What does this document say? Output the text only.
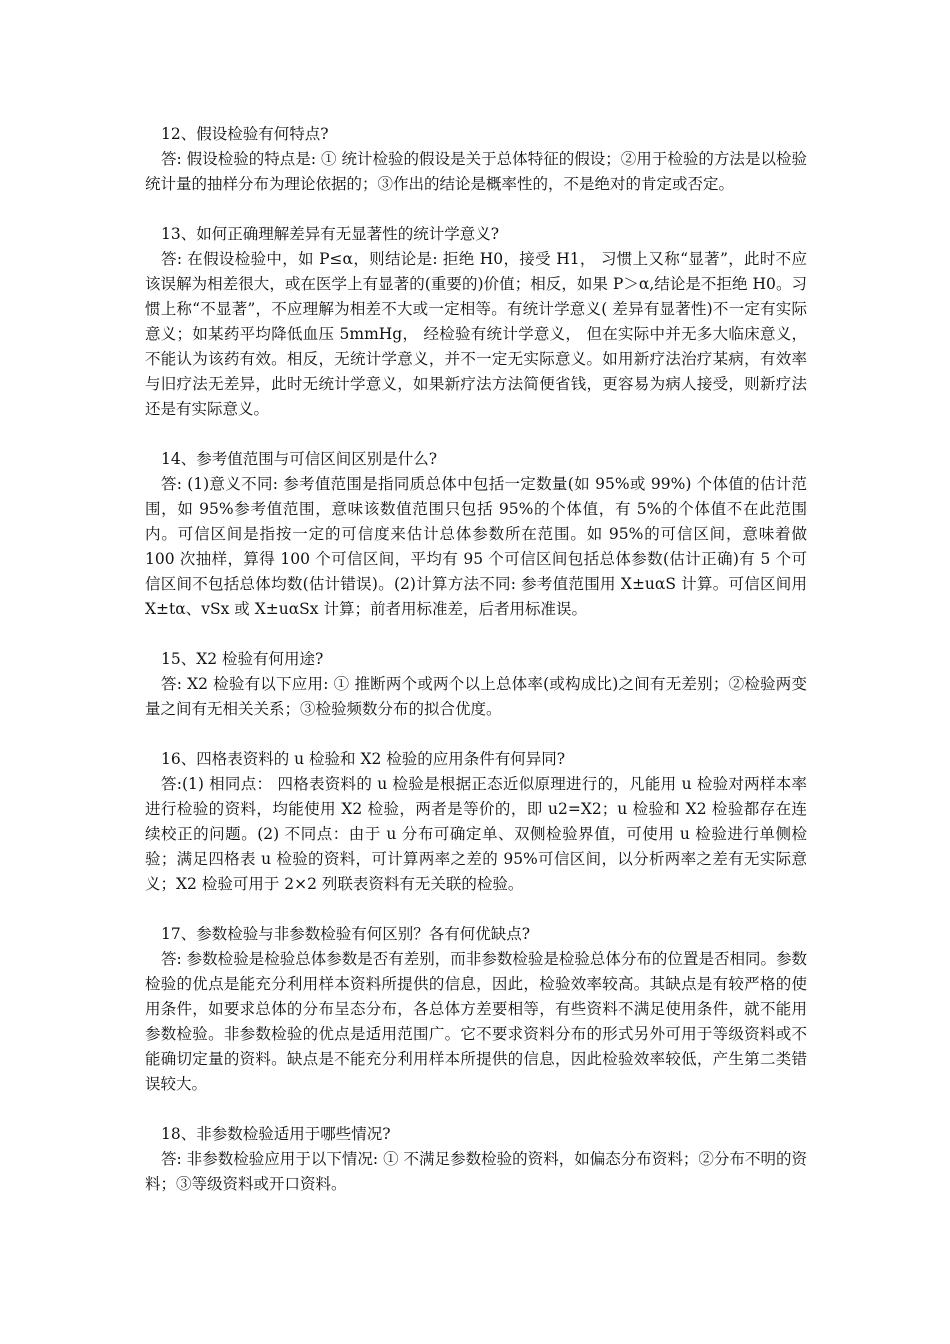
12、假设检验有何特点?

答: 假设检验的特点是: ① 统计检验的假设是关于总体特征的假设；②用于检验的方法是以检验统计量的抽样分布为理论依据的；③作出的结论是概率性的，不是绝对的肯定或否定。

13、如何正确理解差异有无显著性的统计学意义?

答: 在假设检验中，如 P≤α，则结论是: 拒绝 H0，接受 H1， 习惯上又称“显著”，此时不应该误解为相差很大，或在医学上有显著的(重要的)价值；相反，如果 P＞α,结论是不拒绝 H0。习惯上称“不显著”，不应理解为相差不大或一定相等。有统计学意义( 差异有显著性)不一定有实际意义；如某药平均降低血压 5mmHg， 经检验有统计学意义， 但在实际中并无多大临床意义，不能认为该药有效。相反，无统计学意义，并不一定无实际意义。如用新疗法治疗某病，有效率与旧疗法无差异，此时无统计学意义，如果新疗法方法简便省钱，更容易为病人接受，则新疗法还是有实际意义。

14、参考值范围与可信区间区别是什么?

答: (1)意义不同: 参考值范围是指同质总体中包括一定数量(如 95%或 99%) 个体值的估计范围，如 95%参考值范围，意味该数值范围只包括 95%的个体值，有 5%的个体值不在此范围内。可信区间是指按一定的可信度来估计总体参数所在范围。如 95%的可信区间，意味着做 100 次抽样，算得 100 个可信区间，平均有 95 个可信区间包括总体参数(估计正确)有 5 个可信区间不包括总体均数(估计错误)。(2)计算方法不同: 参考值范围用 X±uαS 计算。可信区间用 X±tα、vSx 或 X±uαSx 计算；前者用标准差，后者用标准误。

15、X2 检验有何用途?

答: X2 检验有以下应用: ① 推断两个或两个以上总体率(或构成比)之间有无差别；②检验两变量之间有无相关关系；③检验频数分布的拟合优度。

16、四格表资料的 u 检验和 X2 检验的应用条件有何异同?

答:(1) 相同点： 四格表资料的 u 检验是根据正态近似原理进行的，凡能用 u 检验对两样本率进行检验的资料，均能使用 X2 检验，两者是等价的，即 u2=X2；u 检验和 X2 检验都存在连续校正的问题。(2) 不同点：由于 u 分布可确定单、双侧检验界值，可使用 u 检验进行单侧检验；满足四格表 u 检验的资料，可计算两率之差的 95%可信区间，以分析两率之差有无实际意义；X2 检验可用于 2×2 列联表资料有无关联的检验。

17、参数检验与非参数检验有何区别？各有何优缺点?

答: 参数检验是检验总体参数是否有差别，而非参数检验是检验总体分布的位置是否相同。参数检验的优点是能充分利用样本资料所提供的信息，因此，检验效率较高。其缺点是有较严格的使用条件，如要求总体的分布呈态分布，各总体方差要相等，有些资料不满足使用条件，就不能用参数检验。非参数检验的优点是适用范围广。它不要求资料分布的形式另外可用于等级资料或不能确切定量的资料。缺点是不能充分利用样本所提供的信息，因此检验效率较低，产生第二类错误较大。

18、非参数检验适用于哪些情况?

答: 非参数检验应用于以下情况: ① 不满足参数检验的资料，如偏态分布资料；②分布不明的资料；③等级资料或开口资料。
